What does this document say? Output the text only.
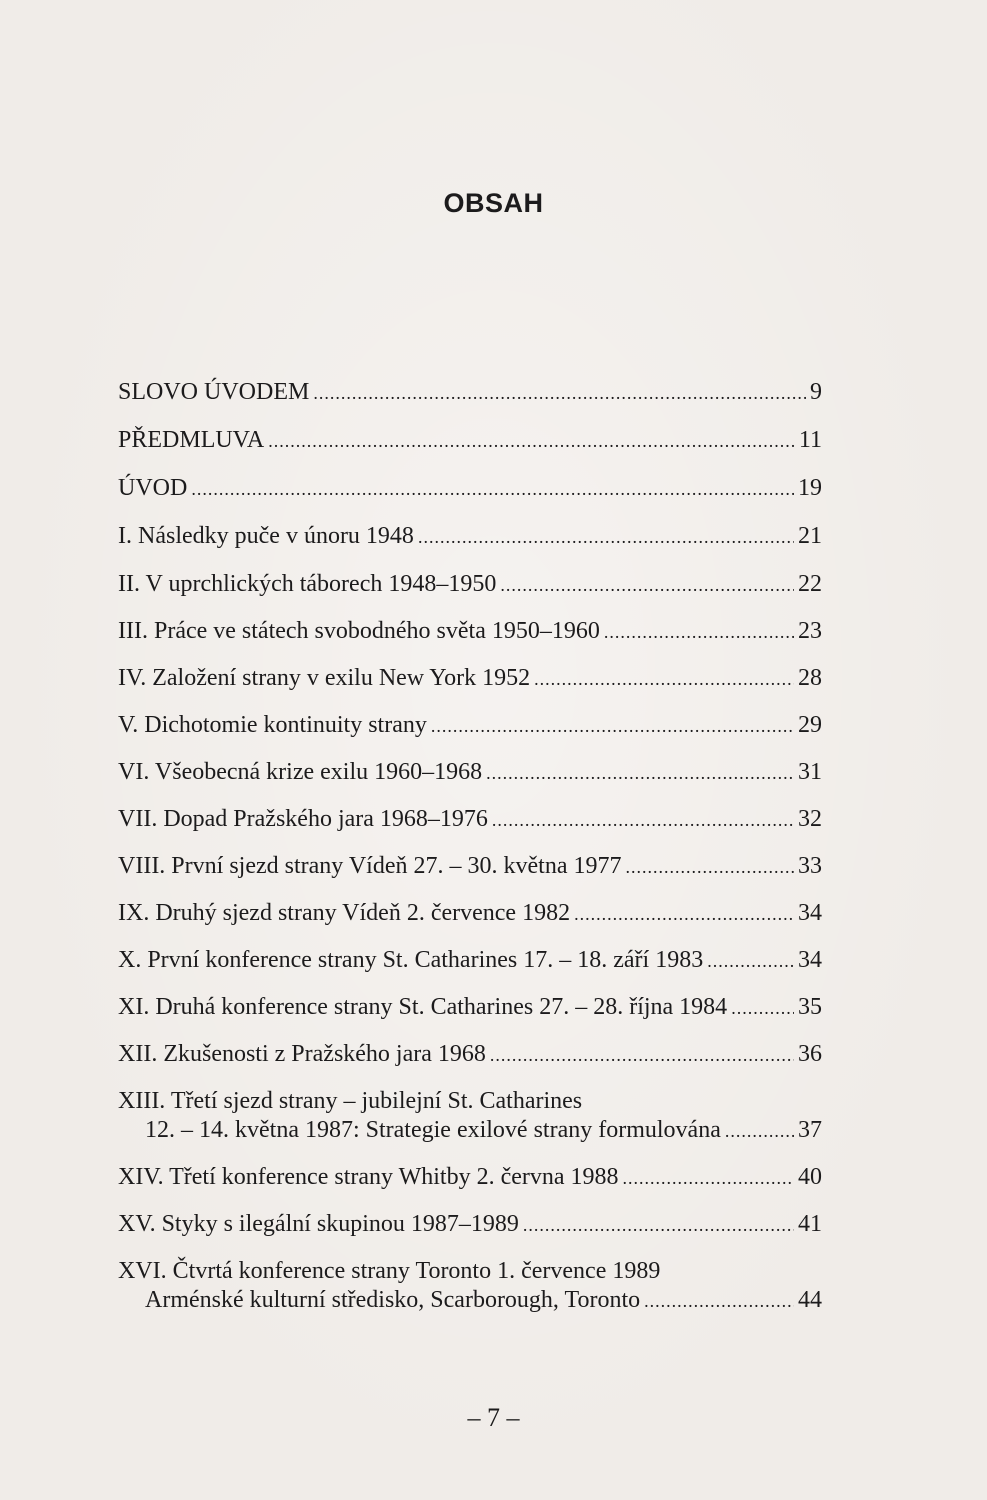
OBSAH
SLOVO ÚVODEM .....	9
PŘEDMLUVA .....	11
ÚVOD .....	19
I. Následky puče v únoru 1948 .....	21
II. V uprchlických táborech 1948–1950 .....	22
III. Práce ve státech svobodného světa 1950–1960 .....	23
IV. Založení strany v exilu New York 1952 .....	28
V. Dichotomie kontinuity strany .....	29
VI. Všeobecná krize exilu 1960–1968 .....	31
VII. Dopad Pražského jara 1968–1976 .....	32
VIII. První sjezd strany Vídeň 27. – 30. května 1977 .....	33
IX. Druhý sjezd strany Vídeň 2. července 1982 .....	34
X. První konference strany St. Catharines 17. – 18. září 1983 .....	34
XI. Druhá konference strany St. Catharines 27. – 28. října 1984 .....	35
XII. Zkušenosti z Pražského jara 1968 .....	36
XIII. Třetí sjezd strany – jubilejní St. Catharines
12. – 14. května 1987: Strategie exilové strany formulována .....	37
XIV. Třetí konference strany Whitby 2. června 1988 .....	40
XV. Styky s ilegální skupinou 1987–1989 .....	41
XVI. Čtvrtá konference strany Toronto 1. července 1989
Arménské kulturní středisko, Scarborough, Toronto .....	44
– 7 –
